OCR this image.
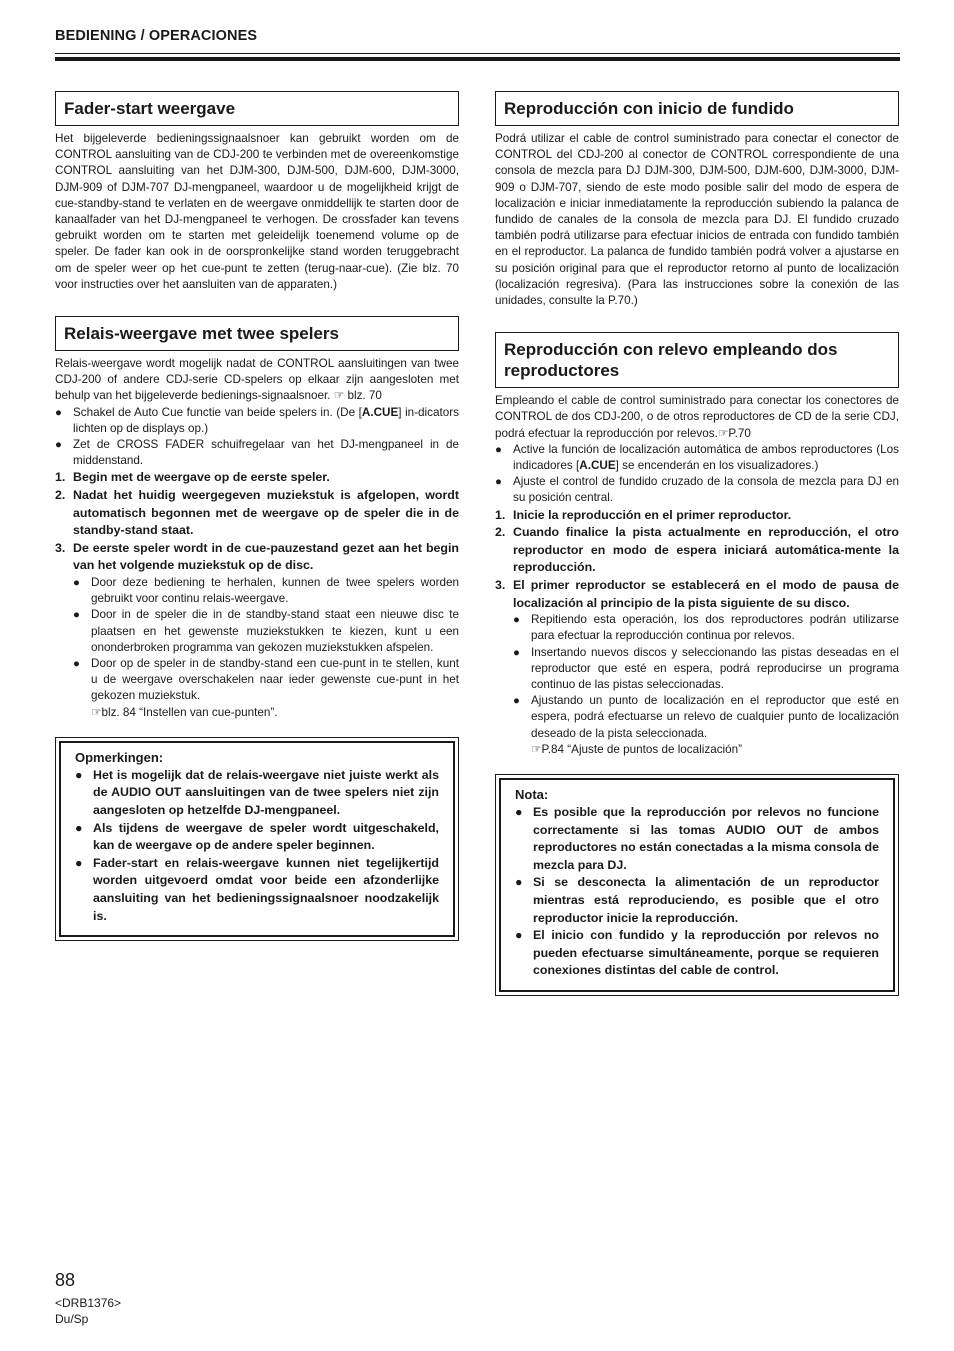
BEDIENING / OPERACIONES
Fader-start weergave

Het bijgeleverde bedieningssignaalsnoer kan gebruikt worden om de CONTROL aansluiting van de CDJ-200 te verbinden met de overeenkomstige CONTROL aansluiting van het DJM-300, DJM-500, DJM-600, DJM-3000, DJM-909 of DJM-707 DJ-mengpaneel, waardoor u de mogelijkheid krijgt de cue-standby-stand te verlaten en de weergave onmiddellijk te starten door de kanaalfader van het DJ-mengpaneel te verhogen. De crossfader kan tevens gebruikt worden om te starten met geleidelijk toenemend volume op de speler. De fader kan ook in de oorspronkelijke stand worden teruggebracht om de speler weer op het cue-punt te zetten (terug-naar-cue). (Zie blz. 70 voor instructies over het aansluiten van de apparaten.)

Relais-weergave met twee spelers

Relais-weergave wordt mogelijk nadat de CONTROL aansluitingen van twee CDJ-200 of andere CDJ-serie CD-spelers op elkaar zijn aangesloten met behulp van het bijgeleverde bedienings-signaalsnoer. ☞ blz. 70

● Schakel de Auto Cue functie van beide spelers in. (De [A.CUE] in-dicators lichten op de displays op.)
● Zet de CROSS FADER schuifregelaar van het DJ-mengpaneel in de middenstand.
1. Begin met de weergave op de eerste speler.
2. Nadat het huidig weergegeven muziekstuk is afgelopen, wordt automatisch begonnen met de weergave op de speler die in de standby-stand staat.
3. De eerste speler wordt in de cue-pauzestand gezet aan het begin van het volgende muziekstuk op de disc.
● Door deze bediening te herhalen, kunnen de twee spelers worden gebruikt voor continu relais-weergave.
● Door in de speler die in de standby-stand staat een nieuwe disc te plaatsen en het gewenste muziekstukken te kiezen, kunt u een ononderbroken programma van gekozen muziekstukken afspelen.
● Door op de speler in de standby-stand een cue-punt in te stellen, kunt u de weergave overschakelen naar ieder gewenste cue-punt in het gekozen muziekstuk.
☞blz. 84 “Instellen van cue-punten”.
Opmerkingen:
● Het is mogelijk dat de relais-weergave niet juiste werkt als de AUDIO OUT aansluitingen van de twee spelers niet zijn aangesloten op hetzelfde DJ-mengpaneel.
● Als tijdens de weergave de speler wordt uitgeschakeld, kan de weergave op de andere speler beginnen.
● Fader-start en relais-weergave kunnen niet tegelijkertijd worden uitgevoerd omdat voor beide een afzonderlijke aansluiting van het bedieningssignaalsnoer noodzakelijk is.
Reproducción con inicio de fundido

Podrá utilizar el cable de control suministrado para conectar el conector de CONTROL del CDJ-200 al conector de CONTROL correspondiente de una consola de mezcla para DJ DJM-300, DJM-500, DJM-600, DJM-3000, DJM-909 o DJM-707, siendo de este modo posible salir del modo de espera de localización e iniciar inmediatamente la reproducción subiendo la palanca de fundido de canales de la consola de mezcla para DJ. El fundido cruzado también podrá utilizarse para efectuar inicios de entrada con fundido también en el reproductor. La palanca de fundido también podrá volver a ajustarse en su posición original para que el reproductor retorno al punto de localización (localización regresiva). (Para las instrucciones sobre la conexión de las unidades, consulte la P.70.)

Reproducción con relevo empleando dos reproductores

Empleando el cable de control suministrado para conectar los conectores de CONTROL de dos CDJ-200, o de otros reproductores de CD de la serie CDJ, podrá efectuar la reproducción por relevos.☞P.70

● Active la función de localización automática de ambos reproductores (Los indicadores [A.CUE] se encenderán en los visualizadores.)
● Ajuste el control de fundido cruzado de la consola de mezcla para DJ en su posición central.
1. Inicie la reproducción en el primer reproductor.
2. Cuando finalice la pista actualmente en reproducción, el otro reproductor en modo de espera iniciará automática-mente la reproducción.
3. El primer reproductor se establecerá en el modo de pausa de localización al principio de la pista siguiente de su disco.
● Repitiendo esta operación, los dos reproductores podrán utilizarse para efectuar la reproducción continua por relevos.
● Insertando nuevos discos y seleccionando las pistas deseadas en el reproductor que esté en espera, podrá reproducirse un programa continuo de las pistas seleccionadas.
● Ajustando un punto de localización en el reproductor que esté en espera, podrá efectuarse un relevo de cualquier punto de localización deseado de la pista seleccionada.
☞P.84 “Ajuste de puntos de localización”
Nota:
● Es posible que la reproducción por relevos no funcione correctamente si las tomas AUDIO OUT de ambos reproductores no están conectadas a la misma consola de mezcla para DJ.
● Si se desconecta la alimentación de un reproductor mientras está reproduciendo, es posible que el otro reproductor inicie la reproducción.
● El inicio con fundido y la reproducción por relevos no pueden efectuarse simultáneamente, porque se requieren conexiones distintas del cable de control.
88
<DRB1376>
Du/Sp
